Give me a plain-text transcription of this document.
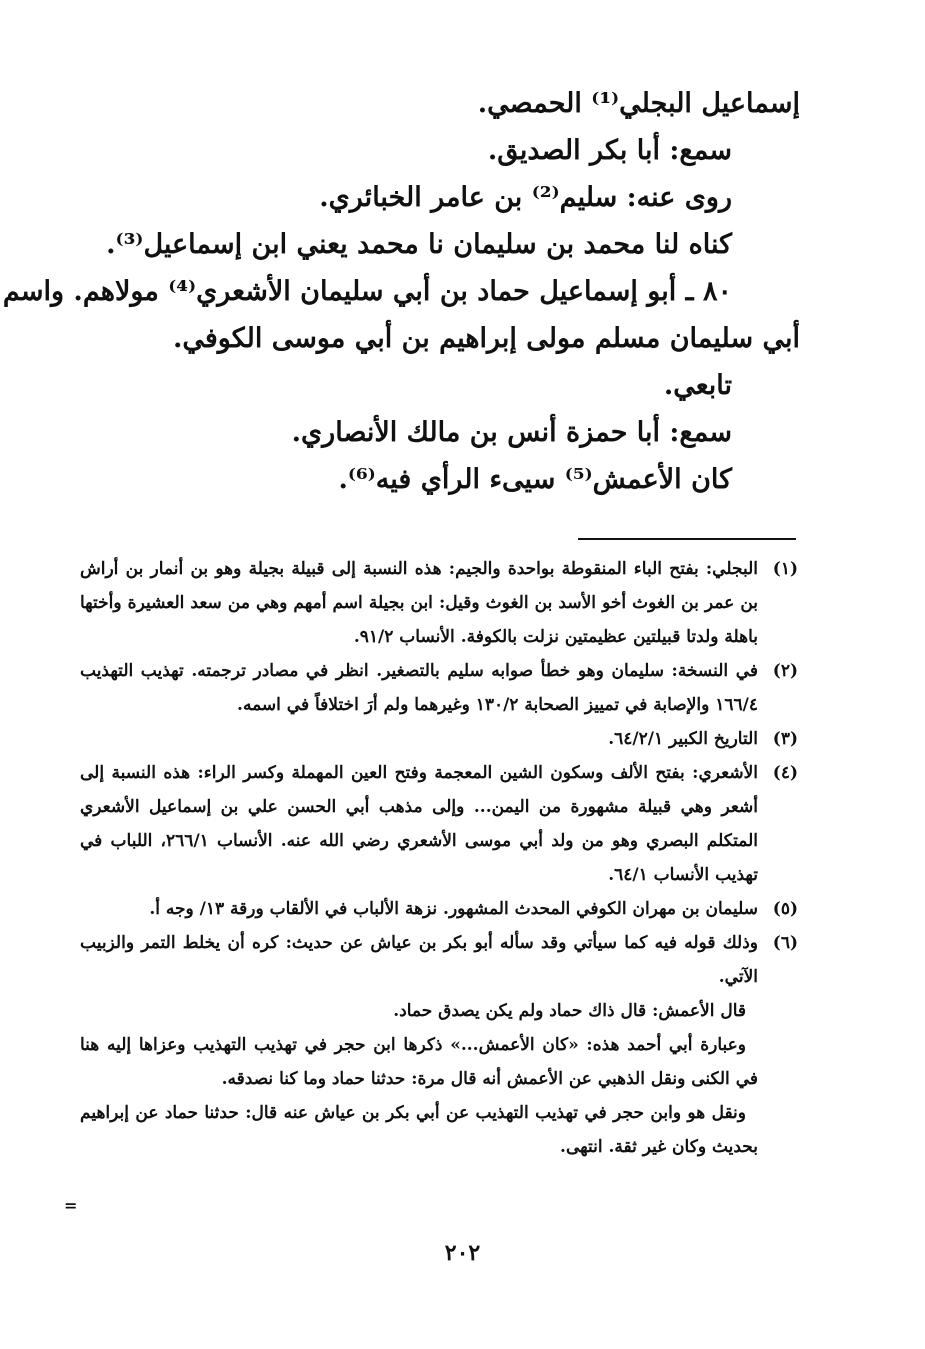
إسماعيل البجلي⁽¹⁾ الحمصي.
سمع: أبا بكر الصديق.
روى عنه: سليم⁽²⁾ بن عامر الخبائري.
كناه لنا محمد بن سليمان نا محمد يعني ابن إسماعيل⁽³⁾.
٨٠ ـ أبو إسماعيل حماد بن أبي سليمان الأشعري⁽⁴⁾ مولاهم. واسم
أبي سليمان مسلم مولى إبراهيم بن أبي موسى الكوفي.
تابعي.
سمع: أبا حمزة أنس بن مالك الأنصاري.
كان الأعمش⁽⁵⁾ سيىء الرأي فيه⁽⁶⁾.
(١)
البجلي: بفتح الباء المنقوطة بواحدة والجيم: هذه النسبة إلى قبيلة بجيلة وهو بن أنمار بن أراش
بن عمر بن الغوث أخو الأسد بن الغوث وقيل: ابن بجيلة اسم أمهم وهي من سعد العشيرة وأختها
باهلة ولدتا قبيلتين عظيمتين نزلت بالكوفة. الأنساب ٩١/٢.
(٢)
في النسخة: سليمان وهو خطأ صوابه سليم بالتصغير. انظر في مصادر ترجمته. تهذيب التهذيب
١٦٦/٤ والإصابة في تمييز الصحابة ١٣٠/٢ وغيرهما ولم أرَ اختلافاً في اسمه.
(٣)
التاريخ الكبير ٦٤/٢/١.
(٤)
الأشعري: بفتح الألف وسكون الشين المعجمة وفتح العين المهملة وكسر الراء: هذه النسبة إلى
أشعر وهي قبيلة مشهورة من اليمن... وإلى مذهب أبي الحسن علي بن إسماعيل الأشعري
المتكلم البصري وهو من ولد أبي موسى الأشعري رضي الله عنه. الأنساب ٢٦٦/١، اللباب في
تهذيب الأنساب ٦٤/١.
(٥)
سليمان بن مهران الكوفي المحدث المشهور. نزهة الألباب في الألقاب ورقة ١٣/ وجه أ.
(٦)
وذلك قوله فيه كما سيأتي وقد سأله أبو بكر بن عياش عن حديث: كره أن يخلط التمر والزبيب
الآتي.
قال الأعمش: قال ذاك حماد ولم يكن يصدق حماد.
وعبارة أبي أحمد هذه: «كان الأعمش...» ذكرها ابن حجر في تهذيب التهذيب وعزاها إليه هنا
في الكنى ونقل الذهبي عن الأعمش أنه قال مرة: حدثنا حماد وما كنا نصدقه.
ونقل هو وابن حجر في تهذيب التهذيب عن أبي بكر بن عياش عنه قال: حدثنا حماد عن إبراهيم
بحديث وكان غير ثقة. انتهى.
=
٢٠٢
